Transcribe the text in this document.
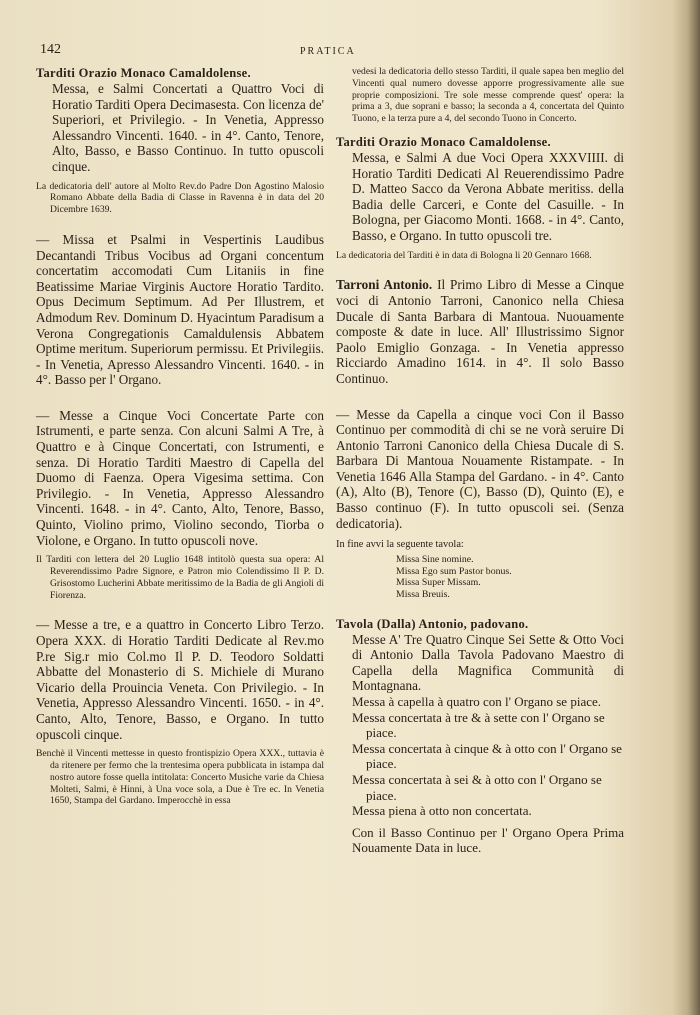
142	PRATICA

Tarditi Orazio Monaco Camaldolense.

Messa, e Salmi Concertati a Quattro Voci di Horatio Tarditi Opera Decimasesta. Con licenza de' Superiori, et Privilegio. - In Venetia, Appresso Alessandro Vincenti. 1640. - in 4°. Canto, Tenore, Alto, Basso, e Basso Continuo. In tutto opuscoli cinque.

La dedicatoria dell' autore al Molto Rev.do Padre Don Agostino Malosio Romano Abbate della Badia di Classe in Ravenna è in data del 20 Dicembre 1639.

— Missa et Psalmi in Vespertinis Laudibus Decantandi Tribus Vocibus ad Organi concentum concertatim accomodati Cum Litaniis in fine Beatissime Mariae Virginis Auctore Horatio Tardito. Opus Decimum Septimum. Ad Per Illustrem, et Admodum Rev. Dominum D. Hyacintum Paradisum a Verona Congregationis Camaldulensis Abbatem Optime meritum. Superiorum permissu. Et Privilegiis. - In Venetia, Apresso Alessandro Vincenti. 1640. - in 4°. Basso per l' Organo.

— Messe a Cinque Voci Concertate Parte con Istrumenti, e parte senza. Con alcuni Salmi A Tre, à Quattro e à Cinque Concertati, con Istrumenti, e senza. Di Horatio Tarditi Maestro di Capella del Duomo di Faenza. Opera Vigesima settima. Con Privilegio. - In Venetia, Appresso Alessandro Vincenti. 1648. - in 4°. Canto, Alto, Tenore, Basso, Quinto, Violino primo, Violino secondo, Tiorba o Violone, e Organo. In tutto opuscoli nove.

Il Tarditi con lettera del 20 Luglio 1648 intitolò questa sua opera: Al Reverendissimo Padre Signore, e Patron mio Colendissimo Il P. D. Grisostomo Lucherini Abbate meritissimo de la Badia de gli Angioli di Fiorenza.

— Messe a tre, e a quattro in Concerto Libro Terzo. Opera XXX. di Horatio Tarditi Dedicate al Rev.mo P.re Sig.r mio Col.mo Il P. D. Teodoro Soldatti Abbatte del Monasterio di S. Michiele di Murano Vicario della Prouincia Veneta. Con Privilegio. - In Venetia, Appresso Alessandro Vincenti. 1650. - in 4°. Canto, Alto, Tenore, Basso, e Organo. In tutto opuscoli cinque.

Benchè il Vincenti mettesse in questo frontispizio Opera XXX., tuttavia è da ritenere per fermo che la trentesima opera pubblicata in istampa dal nostro autore fosse quella intitolata: Concerto Musiche varie da Chiesa Molteti, Salmi, è Hinni, à Una voce sola, a Due è Tre ec. In Venetia 1650, Stampa del Gardano. Imperocchè in essa

vedesi la dedicatoria dello stesso Tarditi, il quale sapea ben meglio del Vincenti qual numero dovesse apporre progressivamente alle sue proprie composizioni. Tre sole messe comprende quest' opera: la prima a 3, due soprani e basso; la seconda a 4, concertata del Quinto Tuono, e la terza pure a 4, del secondo Tuono in Concerto.

Tarditi Orazio Monaco Camaldolense.

Messa, e Salmi A due Voci Opera XXXVIIII. di Horatio Tarditi Dedicati Al Reuerendissimo Padre D. Matteo Sacco da Verona Abbate meritiss. della Badia delle Carceri, e Conte del Casuille. - In Bologna, per Giacomo Monti. 1668. - in 4°. Canto, Basso, e Organo. In tutto opuscoli tre.

La dedicatoria del Tarditi è in data di Bologna li 20 Gennaro 1668.

Tarroni Antonio. Il Primo Libro di Messe a Cinque voci di Antonio Tarroni, Canonico nella Chiesa Ducale di Santa Barbara di Mantoua. Nuouamente composte & date in luce. All' Illustrissimo Signor Paolo Emiglio Gonzaga. - In Venetia appresso Ricciardo Amadino 1614. in 4°. Il solo Basso Continuo.

— Messe da Capella a cinque voci Con il Basso Continuo per commodità di chi se ne vorà seruire Di Antonio Tarroni Canonico della Chiesa Ducale di S. Barbara Di Mantoua Nouamente Ristampate. - In Venetia 1646 Alla Stampa del Gardano. - in 4°. Canto (A), Alto (B), Tenore (C), Basso (D), Quinto (E), e Basso continuo (F). In tutto opuscoli sei. (Senza dedicatoria).

In fine avvi la seguente tavola:

Missa Sine nomine.
Missa Ego sum Pastor bonus.
Missa Super Missam.
Missa Breuis.

Tavola (Dalla) Antonio, padovano.

Messe A' Tre Quatro Cinque Sei Sette & Otto Voci di Antonio Dalla Tavola Padovano Maestro di Capella della Magnifica Communità di Montagnana.

Messa à capella à quatro con l' Organo se piace.
Messa concertata à tre & à sette con l' Organo se piace.
Messa concertata à cinque & à otto con l' Organo se piace.
Messa concertata à sei & à otto con l' Organo se piace.
Messa piena à otto non concertata.

Con il Basso Continuo per l' Organo Opera Prima Nouamente Data in luce.
